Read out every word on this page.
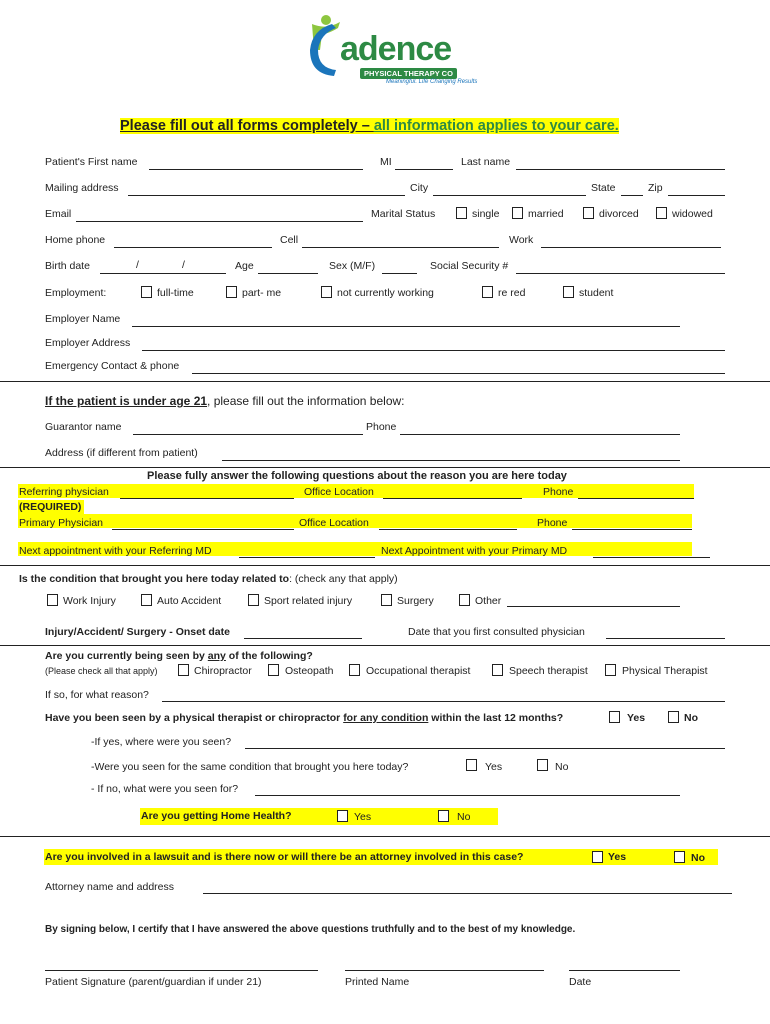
adence
PHYSICAL THERAPY CO
Meaningful. Life Changing Results
Please fill out all forms completely – all information applies to your care.
Patient's First name	MI	Last name
Mailing address	City	State	Zip
Email	Marital Status	single	married	divorced	widowed
Home phone	Cell	Work
Birth date	/	/	Age	Sex (M/F)	Social Security #
Employment:	full-time	part- me	not currently working	re red	student
Employer Name
Employer Address
Emergency Contact & phone
If the patient is under age 21, please fill out the information below:
Guarantor name	Phone
Address (if different from patient)
Please fully answer the following questions about the reason you are here today
Referring physician	Office Location	Phone
(REQUIRED)
Primary Physician	Office Location	Phone
Next appointment with your Referring MD	Next Appointment with your Primary MD
Is the condition that brought you here today related to: (check any that apply)
Work Injury	Auto Accident	Sport related injury	Surgery	Other
Injury/Accident/ Surgery - Onset date	Date that you first consulted physician
Are you currently being seen by any of the following?
(Please check all that apply)	Chiropractor	Osteopath	Occupational therapist	Speech therapist	Physical Therapist
If so, for what reason?
Have you been seen by a physical therapist or chiropractor for any condition within the last 12 months?	Yes	No
-If yes, where were you seen?
-Were you seen for the same condition that brought you here today?	Yes	No
- If no, what were you seen for?
Are you getting Home Health?	Yes	No
Are you involved in a lawsuit and is there now or will there be an attorney involved in this case?	Yes	No
Attorney name and address
By signing below, I certify that I have answered the above questions truthfully and to the best of my knowledge.
Patient Signature (parent/guardian if under 21)	Printed Name	Date
